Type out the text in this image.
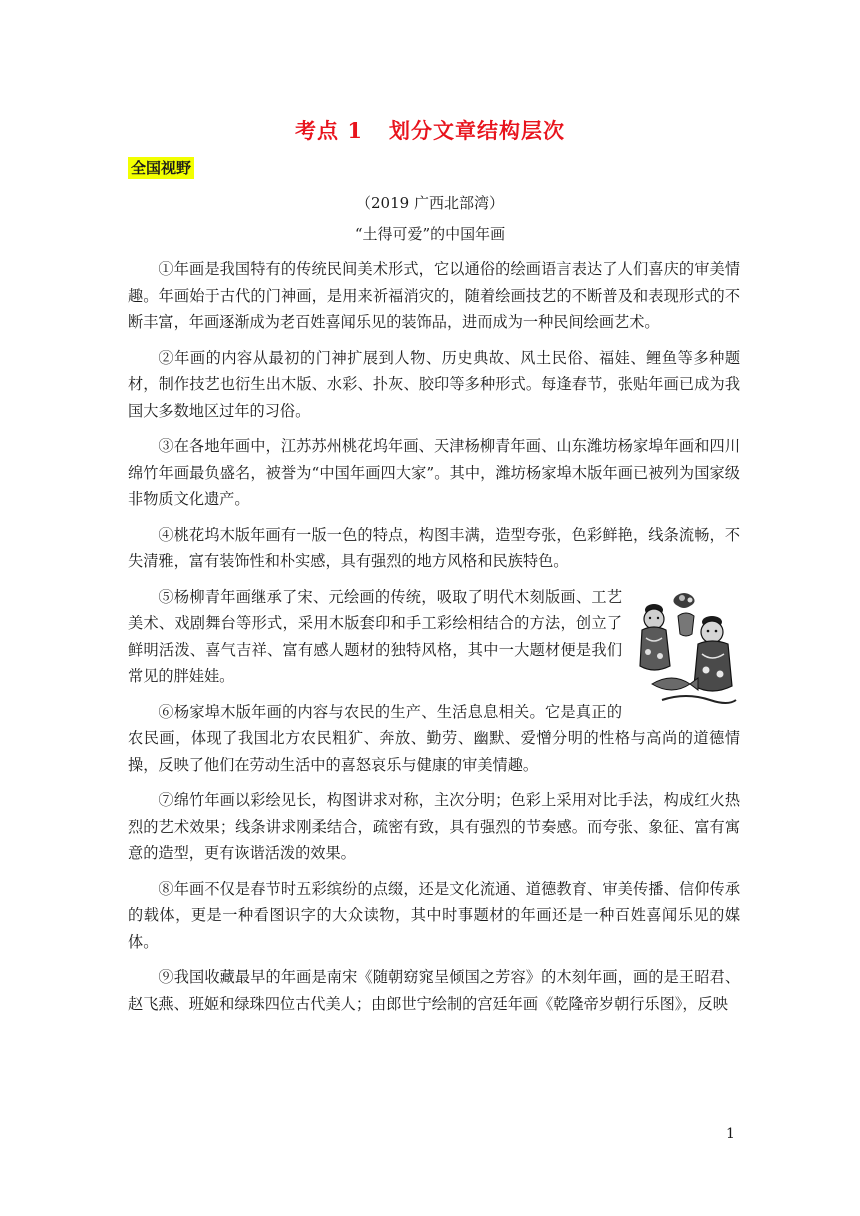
考点 1 划分文章结构层次
全国视野
（2019 广西北部湾）
“土得可爱”的中国年画

①年画是我国特有的传统民间美术形式，它以通俗的绘画语言表达了人们喜庆的审美情趣。年画始于古代的门神画，是用来祈福消灾的，随着绘画技艺的不断普及和表现形式的不断丰富，年画逐渐成为老百姓喜闻乐见的装饰品，进而成为一种民间绘画艺术。

②年画的内容从最初的门神扩展到人物、历史典故、风土民俗、福娃、鲤鱼等多种题材，制作技艺也衍生出木版、水彩、扑灰、胶印等多种形式。每逢春节，张贴年画已成为我国大多数地区过年的习俗。

③在各地年画中，江苏苏州桃花坞年画、天津杨柳青年画、山东潍坊杨家埠年画和四川绵竹年画最负盛名，被誉为“中国年画四大家”。其中，潍坊杨家埠木版年画已被列为国家级非物质文化遗产。

④桃花坞木版年画有一版一色的特点，构图丰满，造型夸张，色彩鲜艳，线条流畅，不失清雅，富有装饰性和朴实感，具有强烈的地方风格和民族特色。

⑤杨柳青年画继承了宋、元绘画的传统，吸取了明代木刻版画、工艺美术、戏剧舞台等形式，采用木版套印和手工彩绘相结合的方法，创立了鲜明活泼、喜气吉祥、富有感人题材的独特风格，其中一大题材便是我们常见的胖娃娃。

⑥杨家埠木版年画的内容与农民的生产、生活息息相关。它是真正的农民画，体现了我国北方农民粗犷、奔放、勤劳、幽默、爱憎分明的性格与高尚的道德情操，反映了他们在劳动生活中的喜怒哀乐与健康的审美情趣。

⑦绵竹年画以彩绘见长，构图讲求对称，主次分明；色彩上采用对比手法，构成红火热烈的艺术效果；线条讲求刚柔结合，疏密有致，具有强烈的节奏感。而夸张、象征、富有寓意的造型，更有诙谐活泼的效果。

⑧年画不仅是春节时五彩缤纷的点缀，还是文化流通、道德教育、审美传播、信仰传承的载体，更是一种看图识字的大众读物，其中时事题材的年画还是一种百姓喜闻乐见的媒体。

⑨我国收藏最早的年画是南宋《随朝窈窕呈倾国之芳容》的木刻年画，画的是王昭君、赵飞燕、班姬和绿珠四位古代美人；由郎世宁绘制的宫廷年画《乾隆帝岁朝行乐图》，反映

1
